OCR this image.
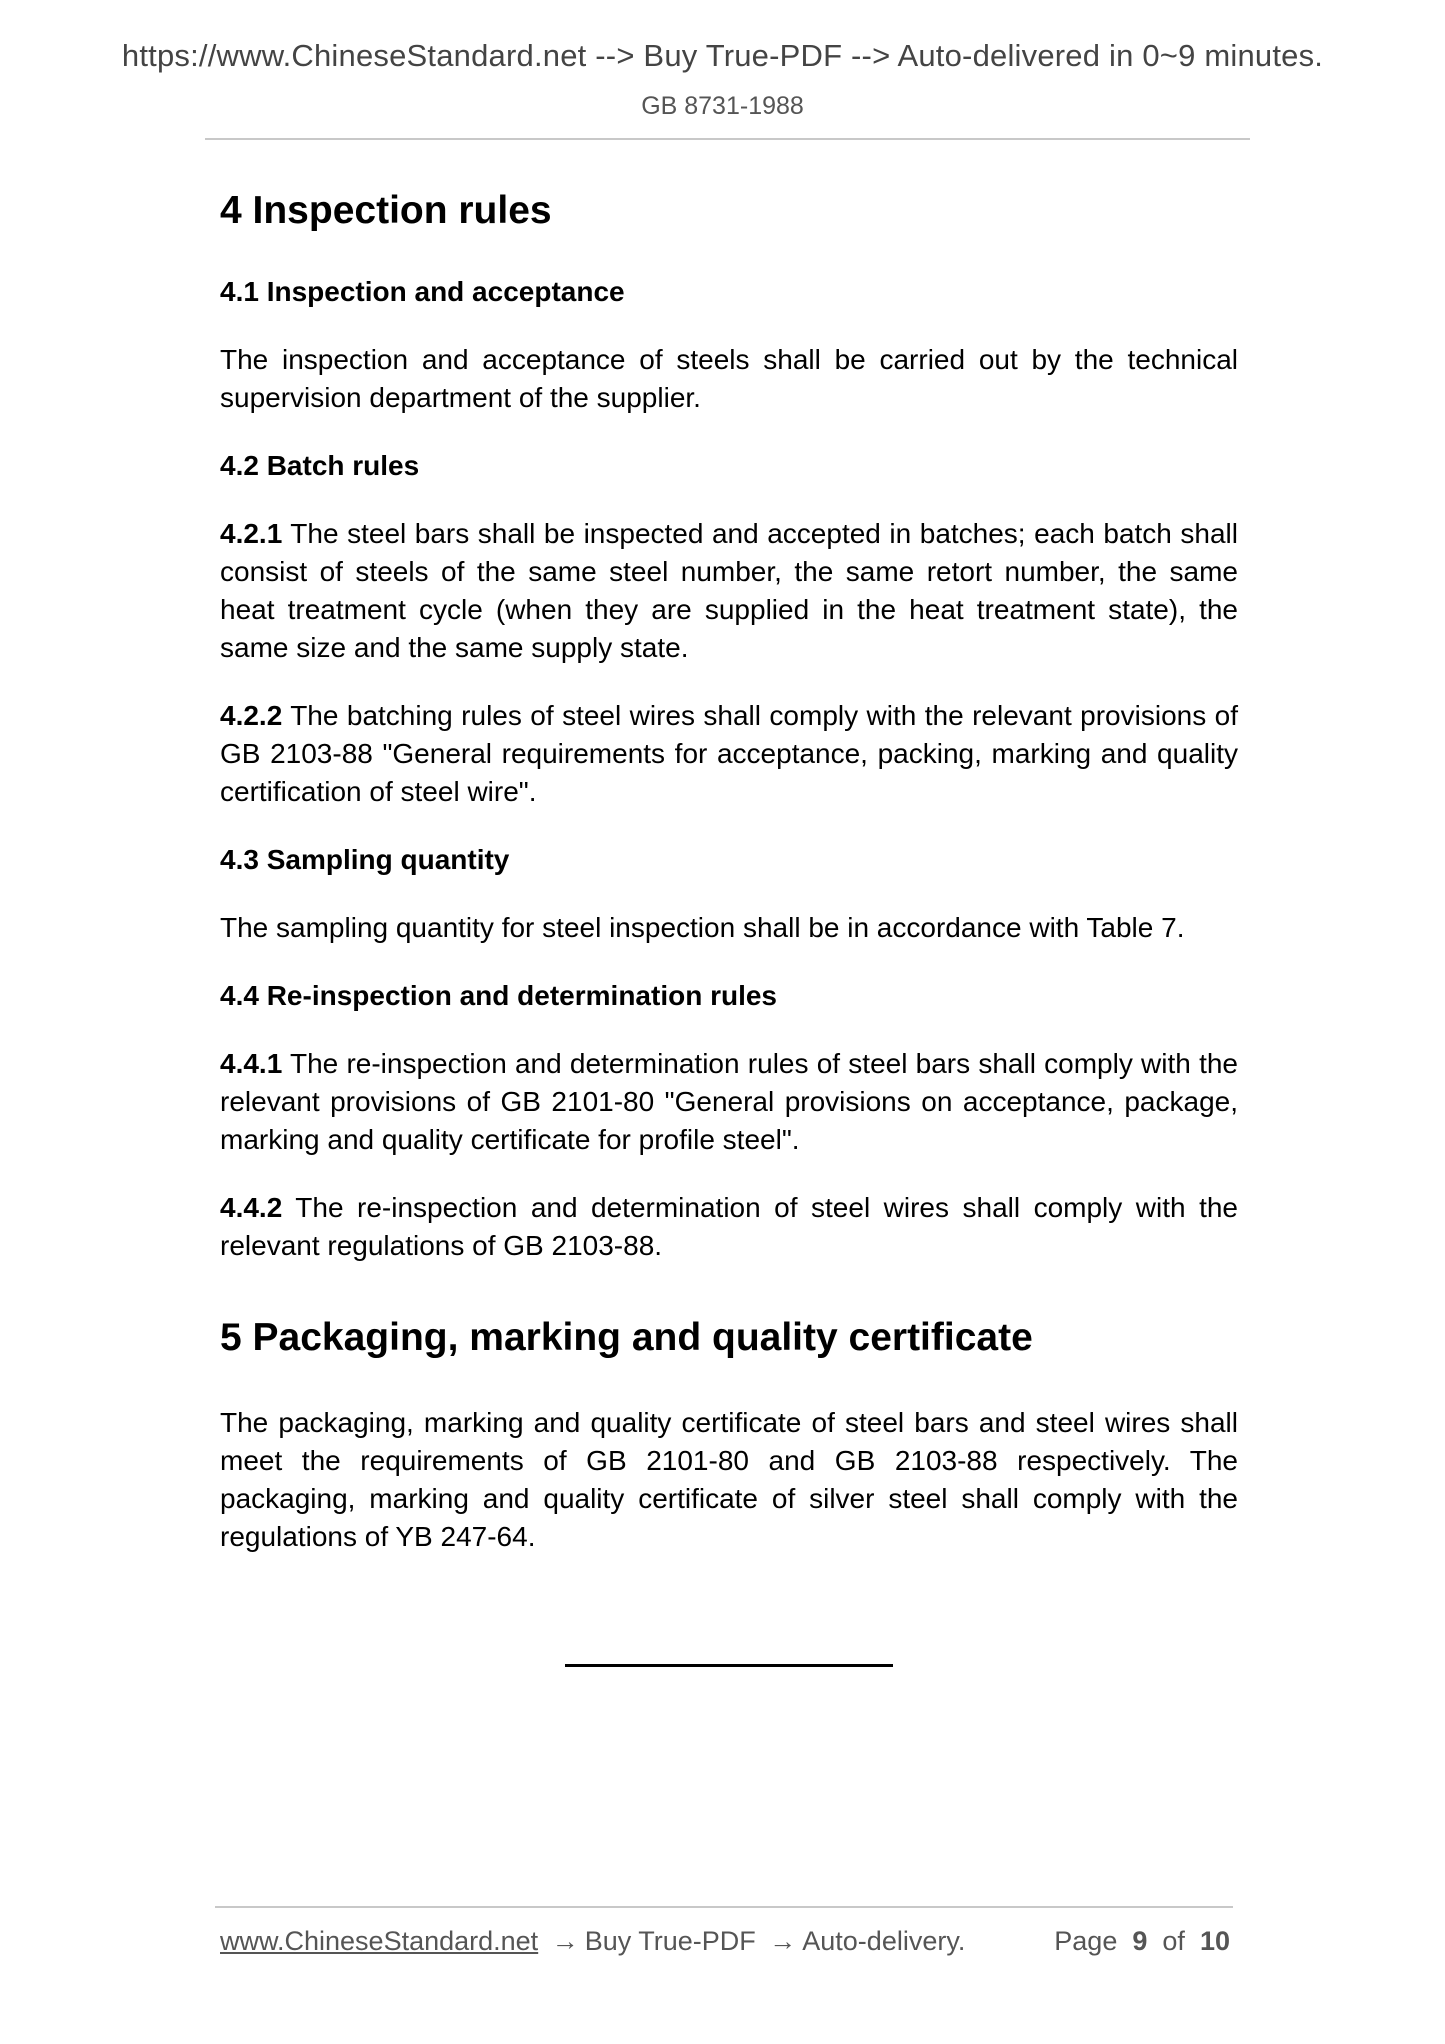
https://www.ChineseStandard.net --> Buy True-PDF --> Auto-delivered in 0~9 minutes.
GB 8731-1988
4 Inspection rules
4.1 Inspection and acceptance

The inspection and acceptance of steels shall be carried out by the technical supervision department of the supplier.

4.2 Batch rules

4.2.1 The steel bars shall be inspected and accepted in batches; each batch shall consist of steels of the same steel number, the same retort number, the same heat treatment cycle (when they are supplied in the heat treatment state), the same size and the same supply state.

4.2.2 The batching rules of steel wires shall comply with the relevant provisions of GB 2103-88 "General requirements for acceptance, packing, marking and quality certification of steel wire".

4.3 Sampling quantity

The sampling quantity for steel inspection shall be in accordance with Table 7.

4.4 Re-inspection and determination rules

4.4.1 The re-inspection and determination rules of steel bars shall comply with the relevant provisions of GB 2101-80 "General provisions on acceptance, package, marking and quality certificate for profile steel".

4.4.2 The re-inspection and determination of steel wires shall comply with the relevant regulations of GB 2103-88.

5 Packaging, marking and quality certificate

The packaging, marking and quality certificate of steel bars and steel wires shall meet the requirements of GB 2101-80 and GB 2103-88 respectively. The packaging, marking and quality certificate of silver steel shall comply with the regulations of YB 247-64.

www.ChineseStandard.net → Buy True-PDF → Auto-delivery.	Page 9 of 10
